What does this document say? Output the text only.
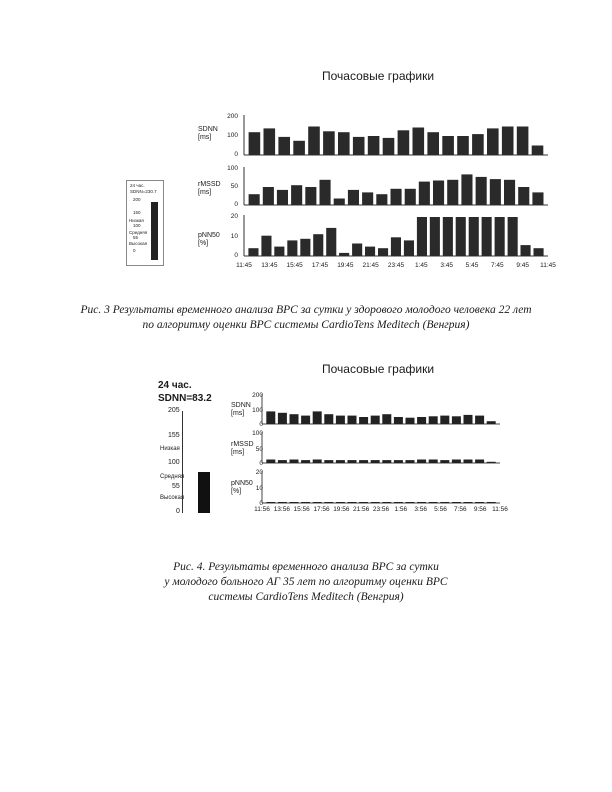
Почасовые графики
24 час.
SDNN=230.7
200
150
100
55
0
Низкая
Средняя
Высокая
SDNN
[ms]
rMSSD
[ms]
pNN50
[%]
200
100
0
100
50
0
20
10
0
11:45 13:45 15:45 17:45 19:45 21:45 23:45 1:45 3:45 5:45 7:45 9:45 11:45
Рис. 3 Результаты временного анализа ВРС за сутки у здорового молодого человека 22 лет
по алгоритму оценки ВРС системы CardioTens Meditech (Венгрия)
Почасовые графики
24 час.
SDNN=83.2
205
155
100
55
0
Низкая
Средняя
Высокая
SDNN
[ms]
rMSSD
[ms]
pNN50
[%]
200
100
0
100
50
0
20
10
0
11:56 13:56 15:56 17:56 19:56 21:56 23:56 1:56 3:56 5:56 7:56 9:56 11:56
Рис. 4. Результаты временного анализа ВРС за сутки
у молодого больного АГ 35 лет по алгоритму оценки ВРС
системы CardioTens Meditech (Венгрия)
